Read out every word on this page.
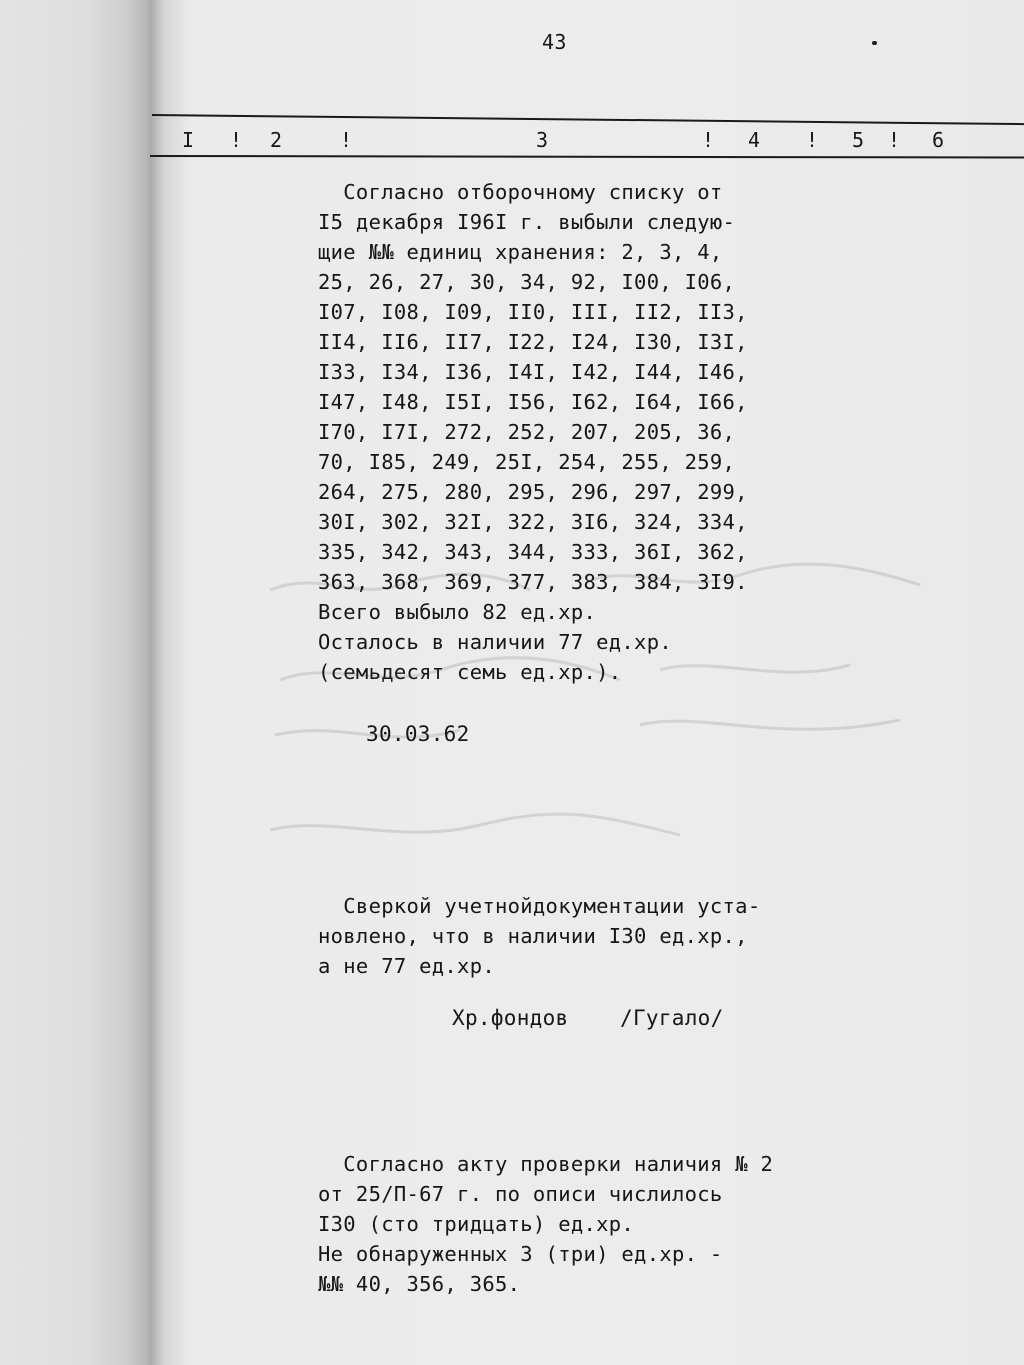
43
I ! 2	!	3	! 4 ! 5 ! 6

Согласно отборочному списку от

I5 декабря I96I г. выбыли следую-

щие №№ единиц хранения: 2, 3, 4,

25, 26, 27, 30, 34, 92, I00, I06,

I07, I08, I09, II0, III, II2, II3,

II4, II6, II7, I22, I24, I30, I3I,

I33, I34, I36, I4I, I42, I44, I46,

I47, I48, I5I, I56, I62, I64, I66,

I70, I7I, 272, 252, 207, 205, 36,

70, I85, 249, 25I, 254, 255, 259,

264, 275, 280, 295, 296, 297, 299,

30I, 302, 32I, 322, 3I6, 324, 334,

335, 342, 343, 344, 333, 36I, 362,

363, 368, 369, 377, 383, 384, 3I9.

Всего выбыло 82 ед.хр.

Осталось в наличии 77 ед.хр.

(семьдесят семь ед.хр.).

30.03.62

Сверкой учетнойдокументации уста-

новлено, что в наличии I30 ед.хр.,

а не 77 ед.хр.

Хр.фондов /Гугало/

Согласно акту проверки наличия № 2

от 25/П-67 г. по описи числилось

I30 (сто тридцать) ед.хр.

Не обнаруженных 3 (три) ед.хр. -

№№ 40, 356, 365.
